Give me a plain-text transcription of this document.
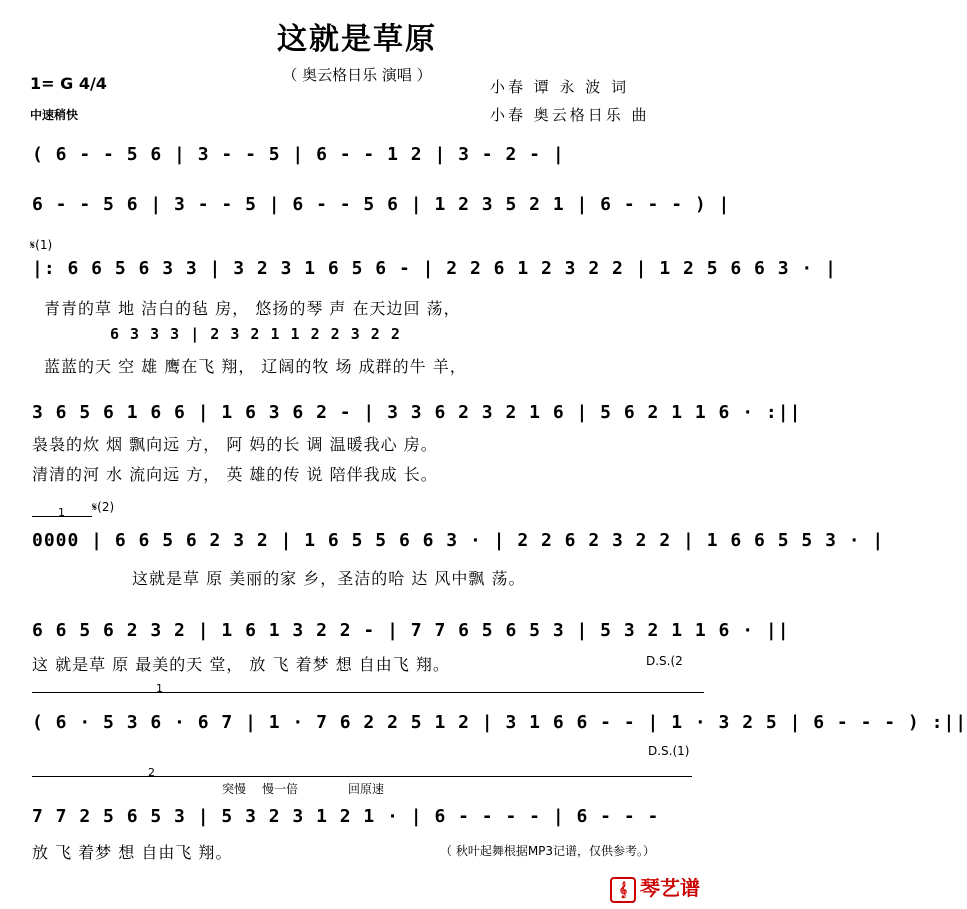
这就是草原
（ 奥云格日乐 演唱 ）
1= G 4/4
中速稍快
小春 谭 永 波 词
小春 奥云格日乐 曲
( 6 - - 5 6 | 3 - - 5 | 6 - - 1 2 | 3 - 2 - |
6 - - 5 6 | 3 - - 5 | 6 - - 5 6 | 1 2 3 5 2 1 | 6 - - - ) |
𝄋(1)
|: 6 6 5 6 3 3 | 3 2 3 1 6 5 6 - | 2 2 6 1 2 3 2 2 | 1 2 5 6 6 3 · |
青青的草 地 洁白的毡 房， 悠扬的琴 声 在天边回 荡，
6 3 3 3 | 2 3 2 1 1 2 2 3 2 2
蓝蓝的天 空 雄 鹰在飞 翔， 辽阔的牧 场 成群的牛 羊，
3 6 5 6 1 6 6 | 1 6 3 6 2 - | 3 3 6 2 3 2 1 6 | 5 6 2 1 1 6 · :||
袅袅的炊 烟 飘向远 方， 阿 妈的长 调 温暖我心 房。
清清的河 水 流向远 方， 英 雄的传 说 陪伴我成 长。
1 𝄋(2)
0000 | 6 6 5 6 2 3 2 | 1 6 5 5 6 6 3 · | 2 2 6 2 3 2 2 | 1 6 6 5 5 3 · |
这就是草 原 美丽的家 乡，圣洁的哈 达 风中飘 荡。
6 6 5 6 2 3 2 | 1 6 1 3 2 2 - | 7 7 6 5 6 5 3 | 5 3 2 1 1 6 · ||
这 就是草 原 最美的天 堂， 放 飞 着梦 想 自由飞 翔。	D.S.(2
1
( 6 · 5 3 6 · 6 7 | 1 · 7 6 2 2 5 1 2 | 3 1 6 6 - - | 1 · 3 2 5 | 6 - - - ) :||
D.S.(1)
2
突慢 慢一倍	回原速
7 7 2 5 6 5 3 | 5 3 2 3 1 2 1 · | 6 - - - - | 6 - - -
放 飞 着梦 想 自由飞 翔。	（ 秋叶起舞根据MP3记谱，仅供参考。）
𝄞 琴艺谱
